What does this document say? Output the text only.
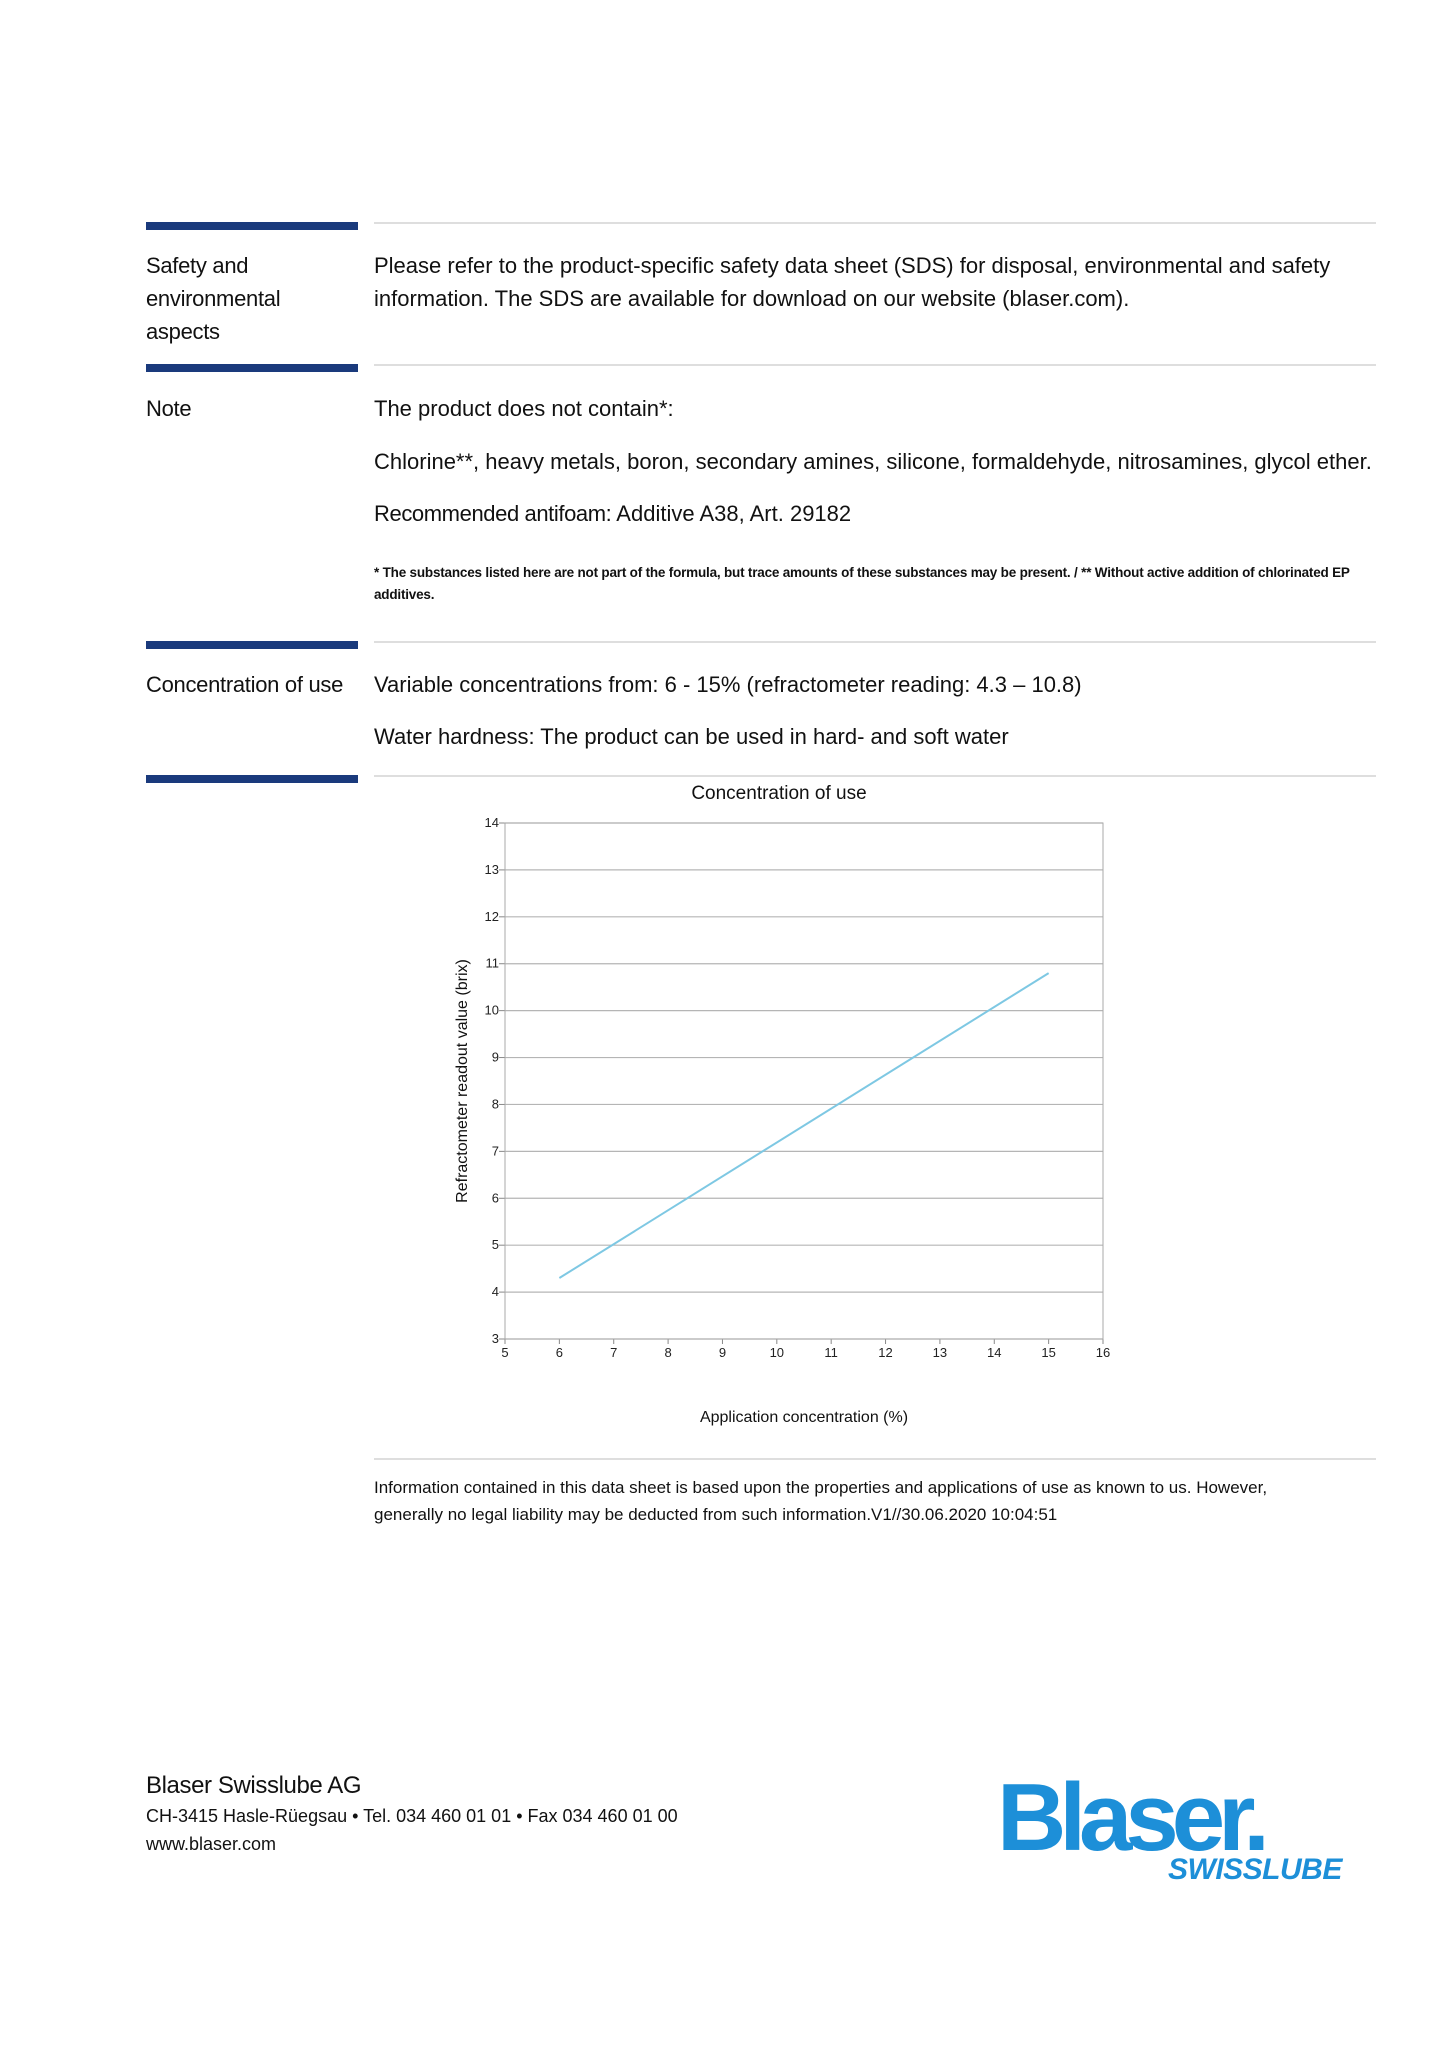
Safety and
environmental
aspects
Please refer to the product-specific safety data sheet (SDS) for disposal, environmental and safety
information. The SDS are available for download on our website (blaser.com).
Note	The product does not contain*:
Chlorine**, heavy metals, boron, secondary amines, silicone, formaldehyde, nitrosamines, glycol ether.
Recommended antifoam: Additive A38, Art. 29182
* The substances listed here are not part of the formula, but trace amounts of these substances may be present. / ** Without active addition of chlorinated EP additives.
Concentration of use Variable concentrations from: 6 - 15% (refractometer reading: 4.3 – 10.8)
Water hardness: The product can be used in hard- and soft water
Concentration of use
3
4
5
6
7
8
9
10
11
12
13
14
5	6	7	8	9	10	11	12	13	14	15	16
Application concentration (%)
Refractometer readout value (brix)
Information contained in this data sheet is based upon the properties and applications of use as known to us. However,
generally no legal liability may be deducted from such information.V1//30.06.2020 10:04:51
Blaser Swisslube AG
CH-3415 Hasle-Rüegsau • Tel. 034 460 01 01 • Fax 034 460 01 00
www.blaser.com	Blaser.
SWISSLUBE
